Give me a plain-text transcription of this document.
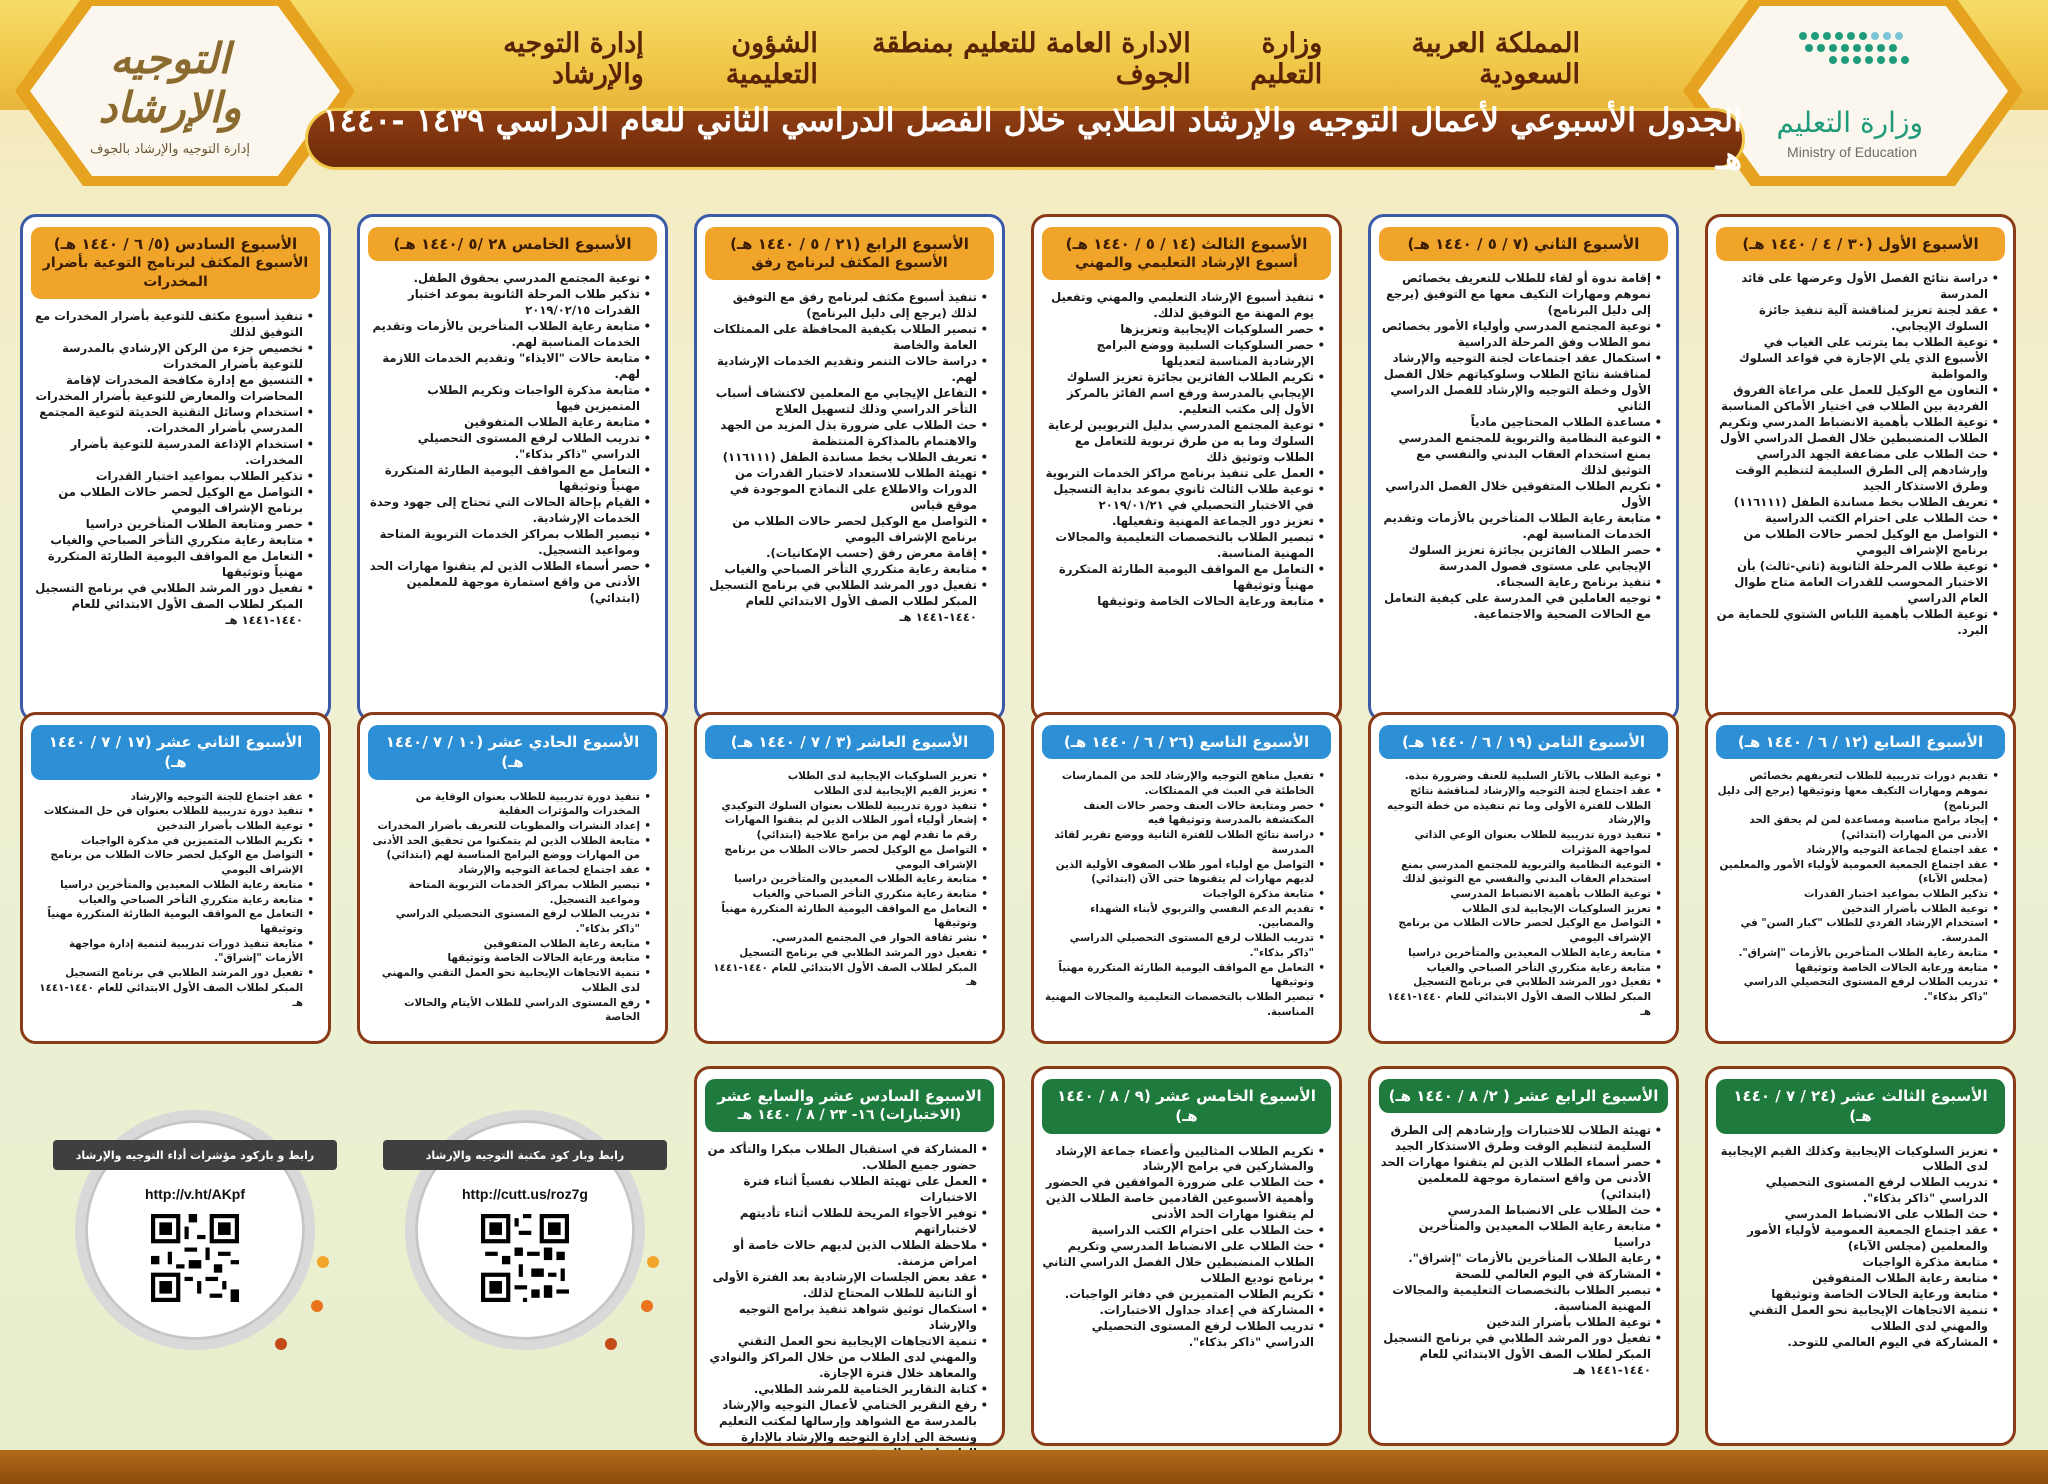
وزارة التعليم
Ministry of Education
التوجيه والإرشاد
إدارة التوجيه والإرشاد بالجوف
المملكة العربية السعودية
وزارة التعليم
الادارة العامة للتعليم بمنطقة الجوف
الشؤون التعليمية
إدارة التوجيه والإرشاد
الجدول الأسبوعي لأعمال التوجيه والإرشاد الطلابي خلال الفصل الدراسي الثاني للعام الدراسي ١٤٣٩ -١٤٤٠ هـ
الأسبوع الأول (٣٠ / ٤ / ١٤٤٠ هـ)
• دراسة نتائج الفصل الأول وعرضها على قائد المدرسة
• عقد لجنة تعزيز لمناقشة آلية تنفيذ جائزة السلوك الإيجابي.
• توعية الطلاب بما يترتب على الغياب في الأسبوع الذي يلي الإجازة في قواعد السلوك والمواظبة
• التعاون مع الوكيل للعمل على مراعاة الفروق الفردية بين الطلاب في اختيار الأماكن المناسبة
• توعية الطلاب بأهمية الانضباط المدرسي وتكريم الطلاب المنضبطين خلال الفصل الدراسي الأول
• حث الطلاب على مضاعفة الجهد الدراسي وإرشادهم إلى الطرق السليمة لتنظيم الوقت وطرق الاستذكار الجيد
• تعريف الطلاب بخط مساندة الطفل (١١٦١١١)
• حث الطلاب على احترام الكتب الدراسية
• التواصل مع الوكيل لحصر حالات الطلاب من برنامج الإشراف اليومي
• توعية طلاب المرحلة الثانوية (ثاني-ثالث) بأن الاختبار المحوسب للقدرات العامة متاح طوال العام الدراسي
• توعية الطلاب بأهمية اللباس الشتوي للحماية من البرد.
الأسبوع الثاني (٧ / ٥ / ١٤٤٠ هـ)
• إقامة ندوة أو لقاء للطلاب للتعريف بخصائص نموهم ومهارات التكيف معها مع التوفيق (يرجع إلى دليل البرنامج)
• توعية المجتمع المدرسي وأولياء الأمور بخصائص نمو الطلاب وفق المرحلة الدراسية
• استكمال عقد اجتماعات لجنة التوجيه والإرشاد لمناقشة نتائج الطلاب وسلوكياتهم خلال الفصل الأول وخطة التوجيه والإرشاد للفصل الدراسي الثاني
• مساعدة الطلاب المحتاجين مادياً
• التوعية النظامية والتربوية للمجتمع المدرسي بمنع استخدام العقاب البدني والنفسي مع التوثيق لذلك
• تكريم الطلاب المتفوقين خلال الفصل الدراسي الأول
• متابعة رعاية الطلاب المتأخرين بالأزمات وتقديم الخدمات المناسبة لهم.
• حصر الطلاب الفائزين بجائزة تعزيز السلوك الإيجابي على مستوى فصول المدرسة
• تنفيذ برنامج رعاية السجناء.
• توجيه العاملين في المدرسة على كيفية التعامل مع الحالات الصحية والاجتماعية.
الأسبوع الثالث (١٤ / ٥ / ١٤٤٠ هـ)
أسبوع الإرشاد التعليمي والمهني
• تنفيذ أسبوع الإرشاد التعليمي والمهني وتفعيل يوم المهنة مع التوفيق لذلك.
• حصر السلوكيات الإيجابية وتعزيزها
• حصر السلوكيات السلبية ووضع البرامج الإرشادية المناسبة لتعديلها
• تكريم الطلاب الفائزين بجائزة تعزيز السلوك الإيجابي بالمدرسة ورفع اسم الفائز بالمركز الأول إلى مكتب التعليم.
• توعية المجتمع المدرسي بدليل التربويين لرعاية السلوك وما به من طرق تربوية للتعامل مع الطلاب وتوثيق ذلك
• العمل على تنفيذ برنامج مراكز الخدمات التربوية
• توعية طلاب الثالث ثانوي بموعد بداية التسجيل في الاختبار التحصيلي في ٢٠١٩/٠١/٢١
• تعزيز دور الجماعة المهنية وتفعيلها.
• تبصير الطلاب بالتخصصات التعليمية والمجالات المهنية المناسبة.
• التعامل مع المواقف اليومية الطارئة المتكررة مهنياً وتوثيقها
• متابعة ورعاية الحالات الخاصة وتوثيقها
الأسبوع الرابع (٢١ / ٥ / ١٤٤٠ هـ)
الأسبوع المكثف لبرنامج رفق
• تنفيذ أسبوع مكثف لبرنامج رفق مع التوفيق لذلك (يرجع إلى دليل البرنامج)
• تبصير الطلاب بكيفية المحافظة على الممتلكات العامة والخاصة
• دراسة حالات التنمر وتقديم الخدمات الإرشادية لهم.
• التفاعل الإيجابي مع المعلمين لاكتشاف أسباب التأخر الدراسي وذلك لتسهيل العلاج
• حث الطلاب على ضرورة بذل المزيد من الجهد والاهتمام بالمذاكرة المنتظمة
• تعريف الطلاب بخط مساندة الطفل (١١٦١١١)
• تهيئة الطلاب للاستعداد لاختبار القدرات من الدورات والاطلاع على النماذج الموجودة في موقع قياس
• التواصل مع الوكيل لحصر حالات الطلاب من برنامج الإشراف اليومي
• إقامة معرض رفق (حسب الإمكانيات).
• متابعة رعاية متكرري التأخر الصباحي والغياب
• تفعيل دور المرشد الطلابي في برنامج التسجيل المبكر لطلاب الصف الأول الابتدائي للعام ١٤٤٠-١٤٤١ هـ
الأسبوع الخامس ٢٨ /٥ /١٤٤٠ هـ)
• توعية المجتمع المدرسي بحقوق الطفل.
• تذكير طلاب المرحلة الثانوية بموعد اختبار القدرات ٢٠١٩/٠٢/١٥
• متابعة رعاية الطلاب المتأخرين بالأزمات وتقديم الخدمات المناسبة لهم.
• متابعة حالات "الايذاء" وتقديم الخدمات اللازمة لهم.
• متابعة مذكرة الواجبات وتكريم الطلاب المتميزين فيها
• متابعة رعاية الطلاب المتفوقين
• تدريب الطلاب لرفع المستوى التحصيلي الدراسي "ذاكر بذكاء".
• التعامل مع المواقف اليومية الطارئة المتكررة مهنياً وتوثيقها
• القيام بإحالة الحالات التي تحتاج إلى جهود وحدة الخدمات الإرشادية.
• تبصير الطلاب بمراكز الخدمات التربوية المتاحة ومواعيد التسجيل.
• حصر أسماء الطلاب الذين لم يتقنوا مهارات الحد الأدنى من واقع استمارة موجهة للمعلمين (ابتدائي)
الأسبوع السادس (٥/ ٦ / ١٤٤٠ هـ)
الأسبوع المكثف لبرنامج التوعية بأضرار المخدرات
• تنفيذ أسبوع مكثف للتوعية بأضرار المخدرات مع التوفيق لذلك
• تخصيص جزء من الركن الإرشادي بالمدرسة للتوعية بأضرار المخدرات
• التنسيق مع إدارة مكافحة المخدرات لإقامة المحاضرات والمعارض للتوعية بأضرار المخدرات
• استخدام وسائل التقنية الحديثة لتوعية المجتمع المدرسي بأضرار المخدرات.
• استخدام الإذاعة المدرسية للتوعية بأضرار المخدرات.
• تذكير الطلاب بمواعيد اختبار القدرات
• التواصل مع الوكيل لحصر حالات الطلاب من برنامج الإشراف اليومي
• حصر ومتابعة الطلاب المتأخرين دراسيا
• متابعة رعاية متكرري التأخر الصباحي والغياب
• التعامل مع المواقف اليومية الطارئة المتكررة مهنياً وتوثيقها
• تفعيل دور المرشد الطلابي في برنامج التسجيل المبكر لطلاب الصف الأول الابتدائي للعام ١٤٤٠-١٤٤١ هـ
الأسبوع السابع (١٢ / ٦ / ١٤٤٠ هـ)
• تقديم دورات تدريبية للطلاب لتعريفهم بخصائص نموهم ومهارات التكيف معها وتوثيقها (يرجع إلى دليل البرنامج)
• إيجاد برامج مناسبة ومساعدة لمن لم يحقق الحد الأدنى من المهارات (ابتدائي)
• عقد اجتماع لجماعة التوجيه والإرشاد
• عقد اجتماع الجمعية العمومية لأولياء الأمور والمعلمين (مجلس الآباء)
• تذكير الطلاب بمواعيد اختبار القدرات
• توعية الطلاب بأضرار التدخين
• استخدام الإرشاد الفردي للطلاب "كبار السن" في المدرسة.
• متابعة رعاية الطلاب المتأخرين بالأزمات "إشراق".
• متابعة ورعاية الحالات الخاصة وتوثيقها
• تدريب الطلاب لرفع المستوى التحصيلي الدراسي "ذاكر بذكاء".
الأسبوع الثامن (١٩ / ٦ / ١٤٤٠ هـ)
• توعية الطلاب بالآثار السلبية للعنف وضرورة نبذه.
• عقد اجتماع لجنة التوجيه والإرشاد لمناقشة نتائج الطلاب للفترة الأولى وما تم تنفيذه من خطة التوجيه والإرشاد
• تنفيذ دورة تدريبية للطلاب بعنوان الوعي الذاتي لمواجهة المؤثرات
• التوعية النظامية والتربوية للمجتمع المدرسي بمنع استخدام العقاب البدني والنفسي مع التوثيق لذلك
• توعية الطلاب بأهمية الانضباط المدرسي
• تعزيز السلوكيات الإيجابية لدى الطلاب
• التواصل مع الوكيل لحصر حالات الطلاب من برنامج الإشراف اليومي
• متابعة رعاية الطلاب المعيدين والمتأخرين دراسيا
• متابعة رعاية متكرري التأخر الصباحي والغياب
• تفعيل دور المرشد الطلابي في برنامج التسجيل المبكر لطلاب الصف الأول الابتدائي للعام ١٤٤٠-١٤٤١ هـ
الأسبوع التاسع (٢٦ / ٦ / ١٤٤٠ هـ)
• تفعيل مناهج التوجيه والإرشاد للحد من الممارسات الخاطئة في العبث في الممتلكات.
• حصر ومتابعة حالات العنف وحصر حالات العنف المكتشفة بالمدرسة وتوثيقها فيه
• دراسة نتائج الطلاب للفترة الثانية ووضع تقرير لقائد المدرسة
• التواصل مع أولياء أمور طلاب الصفوف الأولية الذين لديهم مهارات لم يتقنوها حتى الآن (ابتدائي)
• متابعة مذكرة الواجبات
• تقديم الدعم النفسي والتربوي لأبناء الشهداء والمصابين.
• تدريب الطلاب لرفع المستوى التحصيلي الدراسي "ذاكر بذكاء".
• التعامل مع المواقف اليومية الطارئة المتكررة مهنياً وتوثيقها
• تبصير الطلاب بالتخصصات التعليمية والمجالات المهنية المناسبة.
الأسبوع العاشر (٣ / ٧ / ١٤٤٠ هـ)
• تعزيز السلوكيات الإيجابية لدى الطلاب
• تعزيز القيم الإيجابية لدى الطلاب
• تنفيذ دورة تدريبية للطلاب بعنوان السلوك التوكيدي
• إشعار أولياء أمور الطلاب الذين لم يتقنوا المهارات رقم ما تقدم لهم من برامج علاجية (ابتدائي)
• التواصل مع الوكيل لحصر حالات الطلاب من برنامج الإشراف اليومي
• متابعة رعاية الطلاب المعيدين والمتأخرين دراسيا
• متابعة رعاية متكرري التأخر الصباحي والغياب
• التعامل مع المواقف اليومية الطارئة المتكررة مهنياً وتوثيقها
• نشر ثقافة الحوار في المجتمع المدرسي.
• تفعيل دور المرشد الطلابي في برنامج التسجيل المبكر لطلاب الصف الأول الابتدائي للعام ١٤٤٠-١٤٤١ هـ
الأسبوع الحادي عشر (١٠ / ٧ /١٤٤٠ هـ)
• تنفيذ دورة تدريبية للطلاب بعنوان الوقاية من المخدرات والمؤثرات العقلية
• إعداد النشرات والمطويات للتعريف بأضرار المخدرات
• متابعة الطلاب الذين لم يتمكنوا من تحقيق الحد الأدنى من المهارات ووضع البرامج المناسبة لهم (ابتدائي)
• عقد اجتماع لجماعة التوجيه والإرشاد
• تبصير الطلاب بمراكز الخدمات التربوية المتاحة ومواعيد التسجيل.
• تدريب الطلاب لرفع المستوى التحصيلي الدراسي "ذاكر بذكاء".
• متابعة رعاية الطلاب المتفوقين
• متابعة ورعاية الحالات الخاصة وتوثيقها
• تنمية الاتجاهات الإيجابية نحو العمل التقني والمهني لدى الطلاب
• رفع المستوى الدراسي للطلاب الأيتام والحالات الخاصة
الأسبوع الثاني عشر (١٧ / ٧ / ١٤٤٠ هـ)
• عقد اجتماع للجنة التوجيه والإرشاد
• تنفيذ دورة تدريبية للطلاب بعنوان فن حل المشكلات
• توعية الطلاب بأضرار التدخين
• تكريم الطلاب المتميزين في مذكرة الواجبات
• التواصل مع الوكيل لحصر حالات الطلاب من برنامج الإشراف اليومي
• متابعة رعاية الطلاب المعيدين والمتأخرين دراسيا
• متابعة رعاية متكرري التأخر الصباحي والغياب
• التعامل مع المواقف اليومية الطارئة المتكررة مهنياً وتوثيقها
• متابعة تنفيذ دورات تدريبية لتنمية إدارة مواجهة الأزمات "إشراق".
• تفعيل دور المرشد الطلابي في برنامج التسجيل المبكر لطلاب الصف الأول الابتدائي للعام ١٤٤٠-١٤٤١ هـ
الأسبوع الثالث عشر (٢٤ / ٧ / ١٤٤٠ هـ)
• تعزيز السلوكيات الإيجابية وكذلك القيم الإيجابية لدى الطلاب
• تدريب الطلاب لرفع المستوى التحصيلي الدراسي "ذاكر بذكاء".
• حث الطلاب على الانضباط المدرسي
• عقد اجتماع الجمعية العمومية لأولياء الأمور والمعلمين (مجلس الآباء)
• متابعة مذكرة الواجبات
• متابعة رعاية الطلاب المتفوقين
• متابعة ورعاية الحالات الخاصة وتوثيقها
• تنمية الاتجاهات الإيجابية نحو العمل التقني والمهني لدى الطلاب
• المشاركة في اليوم العالمي للتوحد.
الأسبوع الرابع عشر ( ٢/ ٨ / ١٤٤٠ هـ)
• تهيئة الطلاب للاختبارات وإرشادهم إلى الطرق السليمة لتنظيم الوقت وطرق الاستذكار الجيد
• حصر أسماء الطلاب الذين لم يتقنوا مهارات الحد الأدنى من واقع استمارة موجهة للمعلمين (ابتدائي)
• حث الطلاب على الانضباط المدرسي
• متابعة رعاية الطلاب المعيدين والمتأخرين دراسيا
• رعاية الطلاب المتأخرين بالأزمات "إشراق".
• المشاركة في اليوم العالمي للصحة
• تبصير الطلاب بالتخصصات التعليمية والمجالات المهنية المناسبة.
• توعية الطلاب بأضرار التدخين
• تفعيل دور المرشد الطلابي في برنامج التسجيل المبكر لطلاب الصف الأول الابتدائي للعام ١٤٤٠-١٤٤١ هـ
الأسبوع الخامس عشر (٩ / ٨ / ١٤٤٠ هـ)
• تكريم الطلاب المثاليين وأعضاء جماعة الإرشاد والمشاركين في برامج الإرشاد
• حث الطلاب على ضرورة الموافقين في الحضور وأهمية الأسبوعين القادمين خاصة الطلاب الذين لم يتقنوا مهارات الحد الأدنى
• حث الطلاب على احترام الكتب الدراسية
• حث الطلاب على الانضباط المدرسي وتكريم الطلاب المنضبطين خلال الفصل الدراسي الثاني
• برنامج توديع الطلاب
• تكريم الطلاب المتميزين في دفاتر الواجبات.
• المشاركة في إعداد جداول الاختبارات.
• تدريب الطلاب لرفع المستوى التحصيلي الدراسي "ذاكر بذكاء".
الاسبوع السادس عشر والسابع عشر
(الاختبارات) ١٦- ٢٣ / ٨ / ١٤٤٠ هـ
• المشاركة في استقبال الطلاب مبكرا والتأكد من حضور جميع الطلاب.
• العمل على تهيئة الطلاب نفسياً أثناء فترة الاختبارات
• توفير الأجواء المريحة للطلاب أثناء تأديتهم لاختباراتهم
• ملاحظة الطلاب الذين لديهم حالات خاصة أو امراض مزمنة.
• عقد بعض الجلسات الإرشادية بعد الفترة الأولى أو الثانية للطلاب المحتاج لذلك.
• استكمال توثيق شواهد تنفيذ برامج التوجيه والإرشاد
• تنمية الاتجاهات الإيجابية نحو العمل التقني والمهني لدى الطلاب من خلال المراكز والنوادي والمعاهد خلال فترة الإجازة.
• كتابة التقارير الختامية للمرشد الطلابي.
• رفع التقرير الختامي لأعمال التوجيه والإرشاد بالمدرسة مع الشواهد وإرسالها لمكتب التعليم ونسخة الى إدارة التوجيه والإرشاد بالإدارة
رابط وبار كود مكتبة التوجيه والإرشاد
http://cutt.us/roz7g
رابط و باركود مؤشرات أداء التوجيه والإرشاد
http://v.ht/AKpf
